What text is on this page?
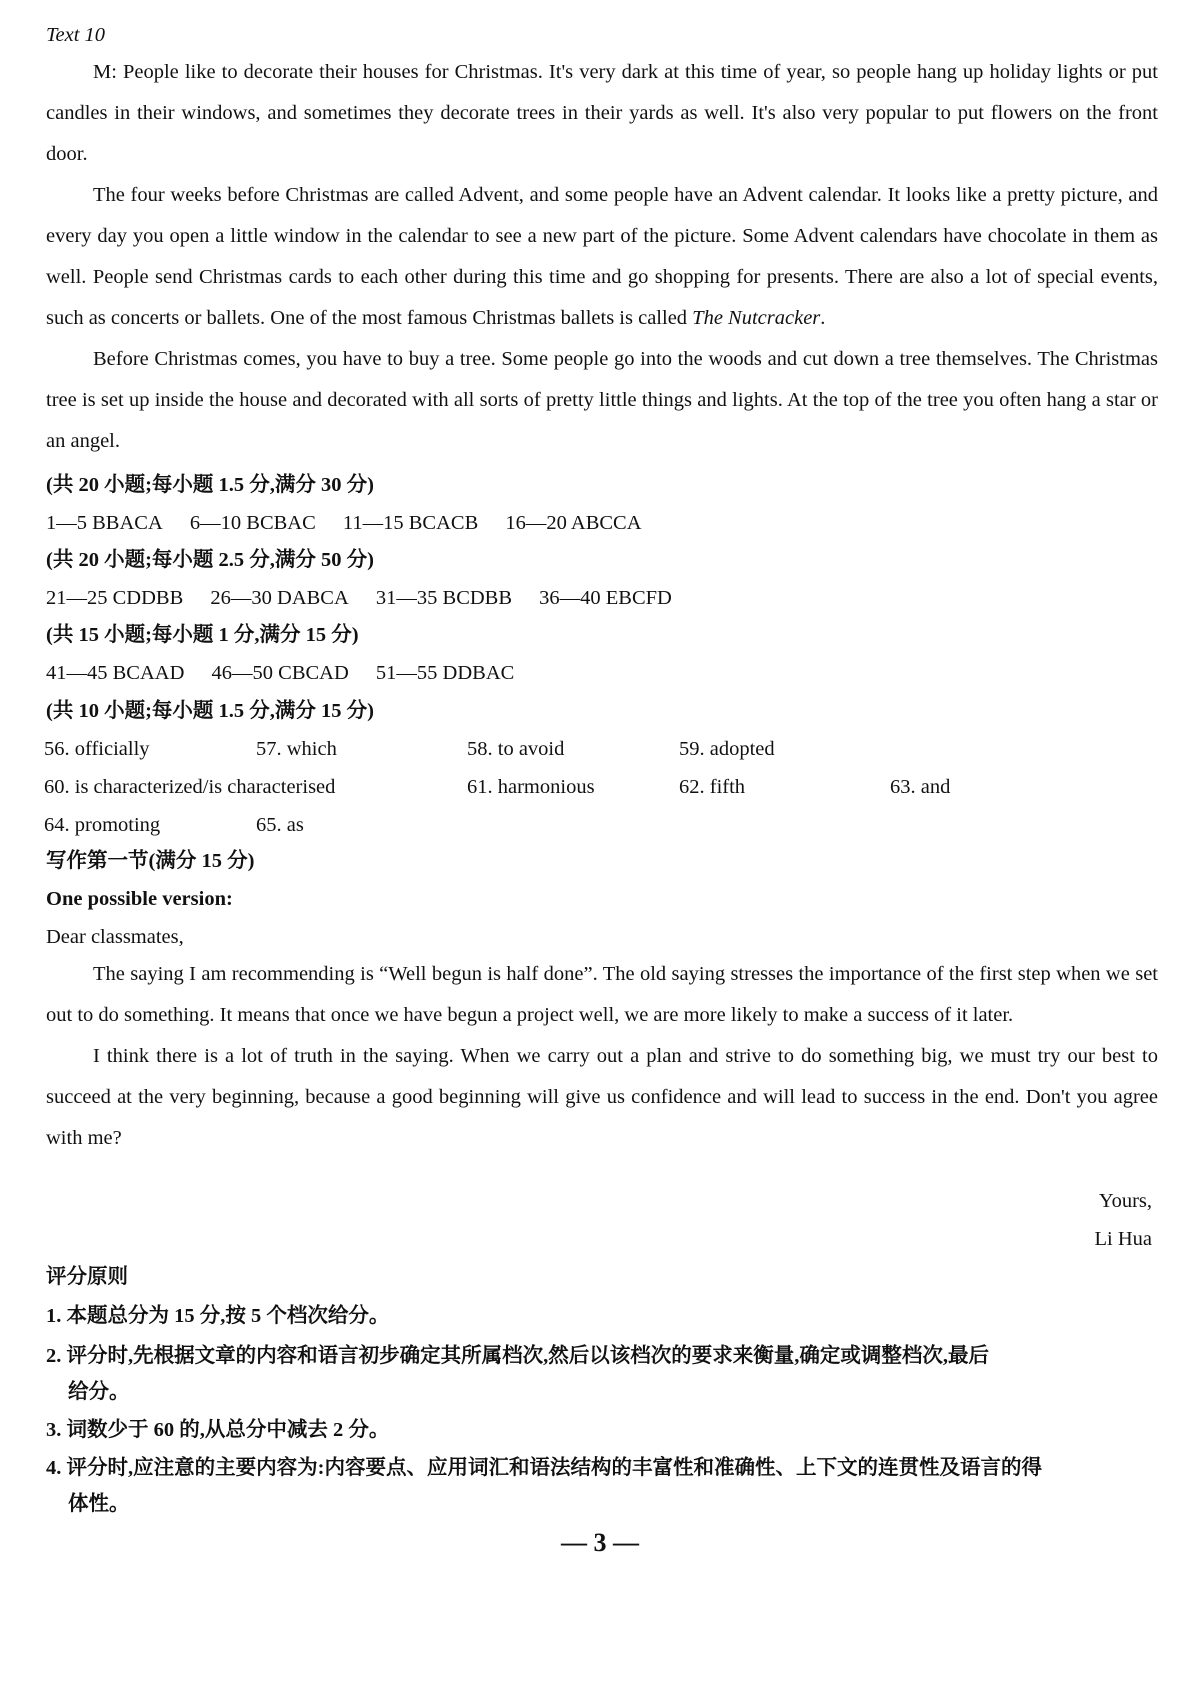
Text 10

M: People like to decorate their houses for Christmas. It's very dark at this time of year, so people hang up holiday lights or put candles in their windows, and sometimes they decorate trees in their yards as well. It's also very popular to put flowers on the front door.

The four weeks before Christmas are called Advent, and some people have an Advent calendar. It looks like a pretty picture, and every day you open a little window in the calendar to see a new part of the picture. Some Advent calendars have chocolate in them as well. People send Christmas cards to each other during this time and go shopping for presents. There are also a lot of special events, such as concerts or ballets. One of the most famous Christmas ballets is called The Nutcracker.

Before Christmas comes, you have to buy a tree. Some people go into the woods and cut down a tree themselves. The Christmas tree is set up inside the house and decorated with all sorts of pretty little things and lights. At the top of the tree you often hang a star or an angel.

(共 20 小题;每小题 1.5 分,满分 30 分)
1—5 BBACA 6—10 BCBAC 11—15 BCACB 16—20 ABCCA
(共 20 小题;每小题 2.5 分,满分 50 分)
21—25 CDDBB 26—30 DABCA 31—35 BCDBB 36—40 EBCFD
(共 15 小题;每小题 1 分,满分 15 分)
41—45 BCAAD 46—50 CBCAD 51—55 DDBAC
(共 10 小题;每小题 1.5 分,满分 15 分)
56. officially	57. which	58. to avoid	59. adopted
60. is characterized/is characterised	61. harmonious	62. fifth	63. and
64. promoting	65. as
写作第一节(满分 15 分)
One possible version:
Dear classmates,

The saying I am recommending is “Well begun is half done”. The old saying stresses the importance of the first step when we set out to do something. It means that once we have begun a project well, we are more likely to make a success of it later.

I think there is a lot of truth in the saying. When we carry out a plan and strive to do something big, we must try our best to succeed at the very beginning, because a good beginning will give us confidence and will lead to success in the end. Don't you agree with me?

Yours,
Li Hua
评分原则
1. 本题总分为 15 分,按 5 个档次给分。
2. 评分时,先根据文章的内容和语言初步确定其所属档次,然后以该档次的要求来衡量,确定或调整档次,最后
给分。
3. 词数少于 60 的,从总分中减去 2 分。
4. 评分时,应注意的主要内容为:内容要点、应用词汇和语法结构的丰富性和准确性、上下文的连贯性及语言的得
体性。
— 3 —
